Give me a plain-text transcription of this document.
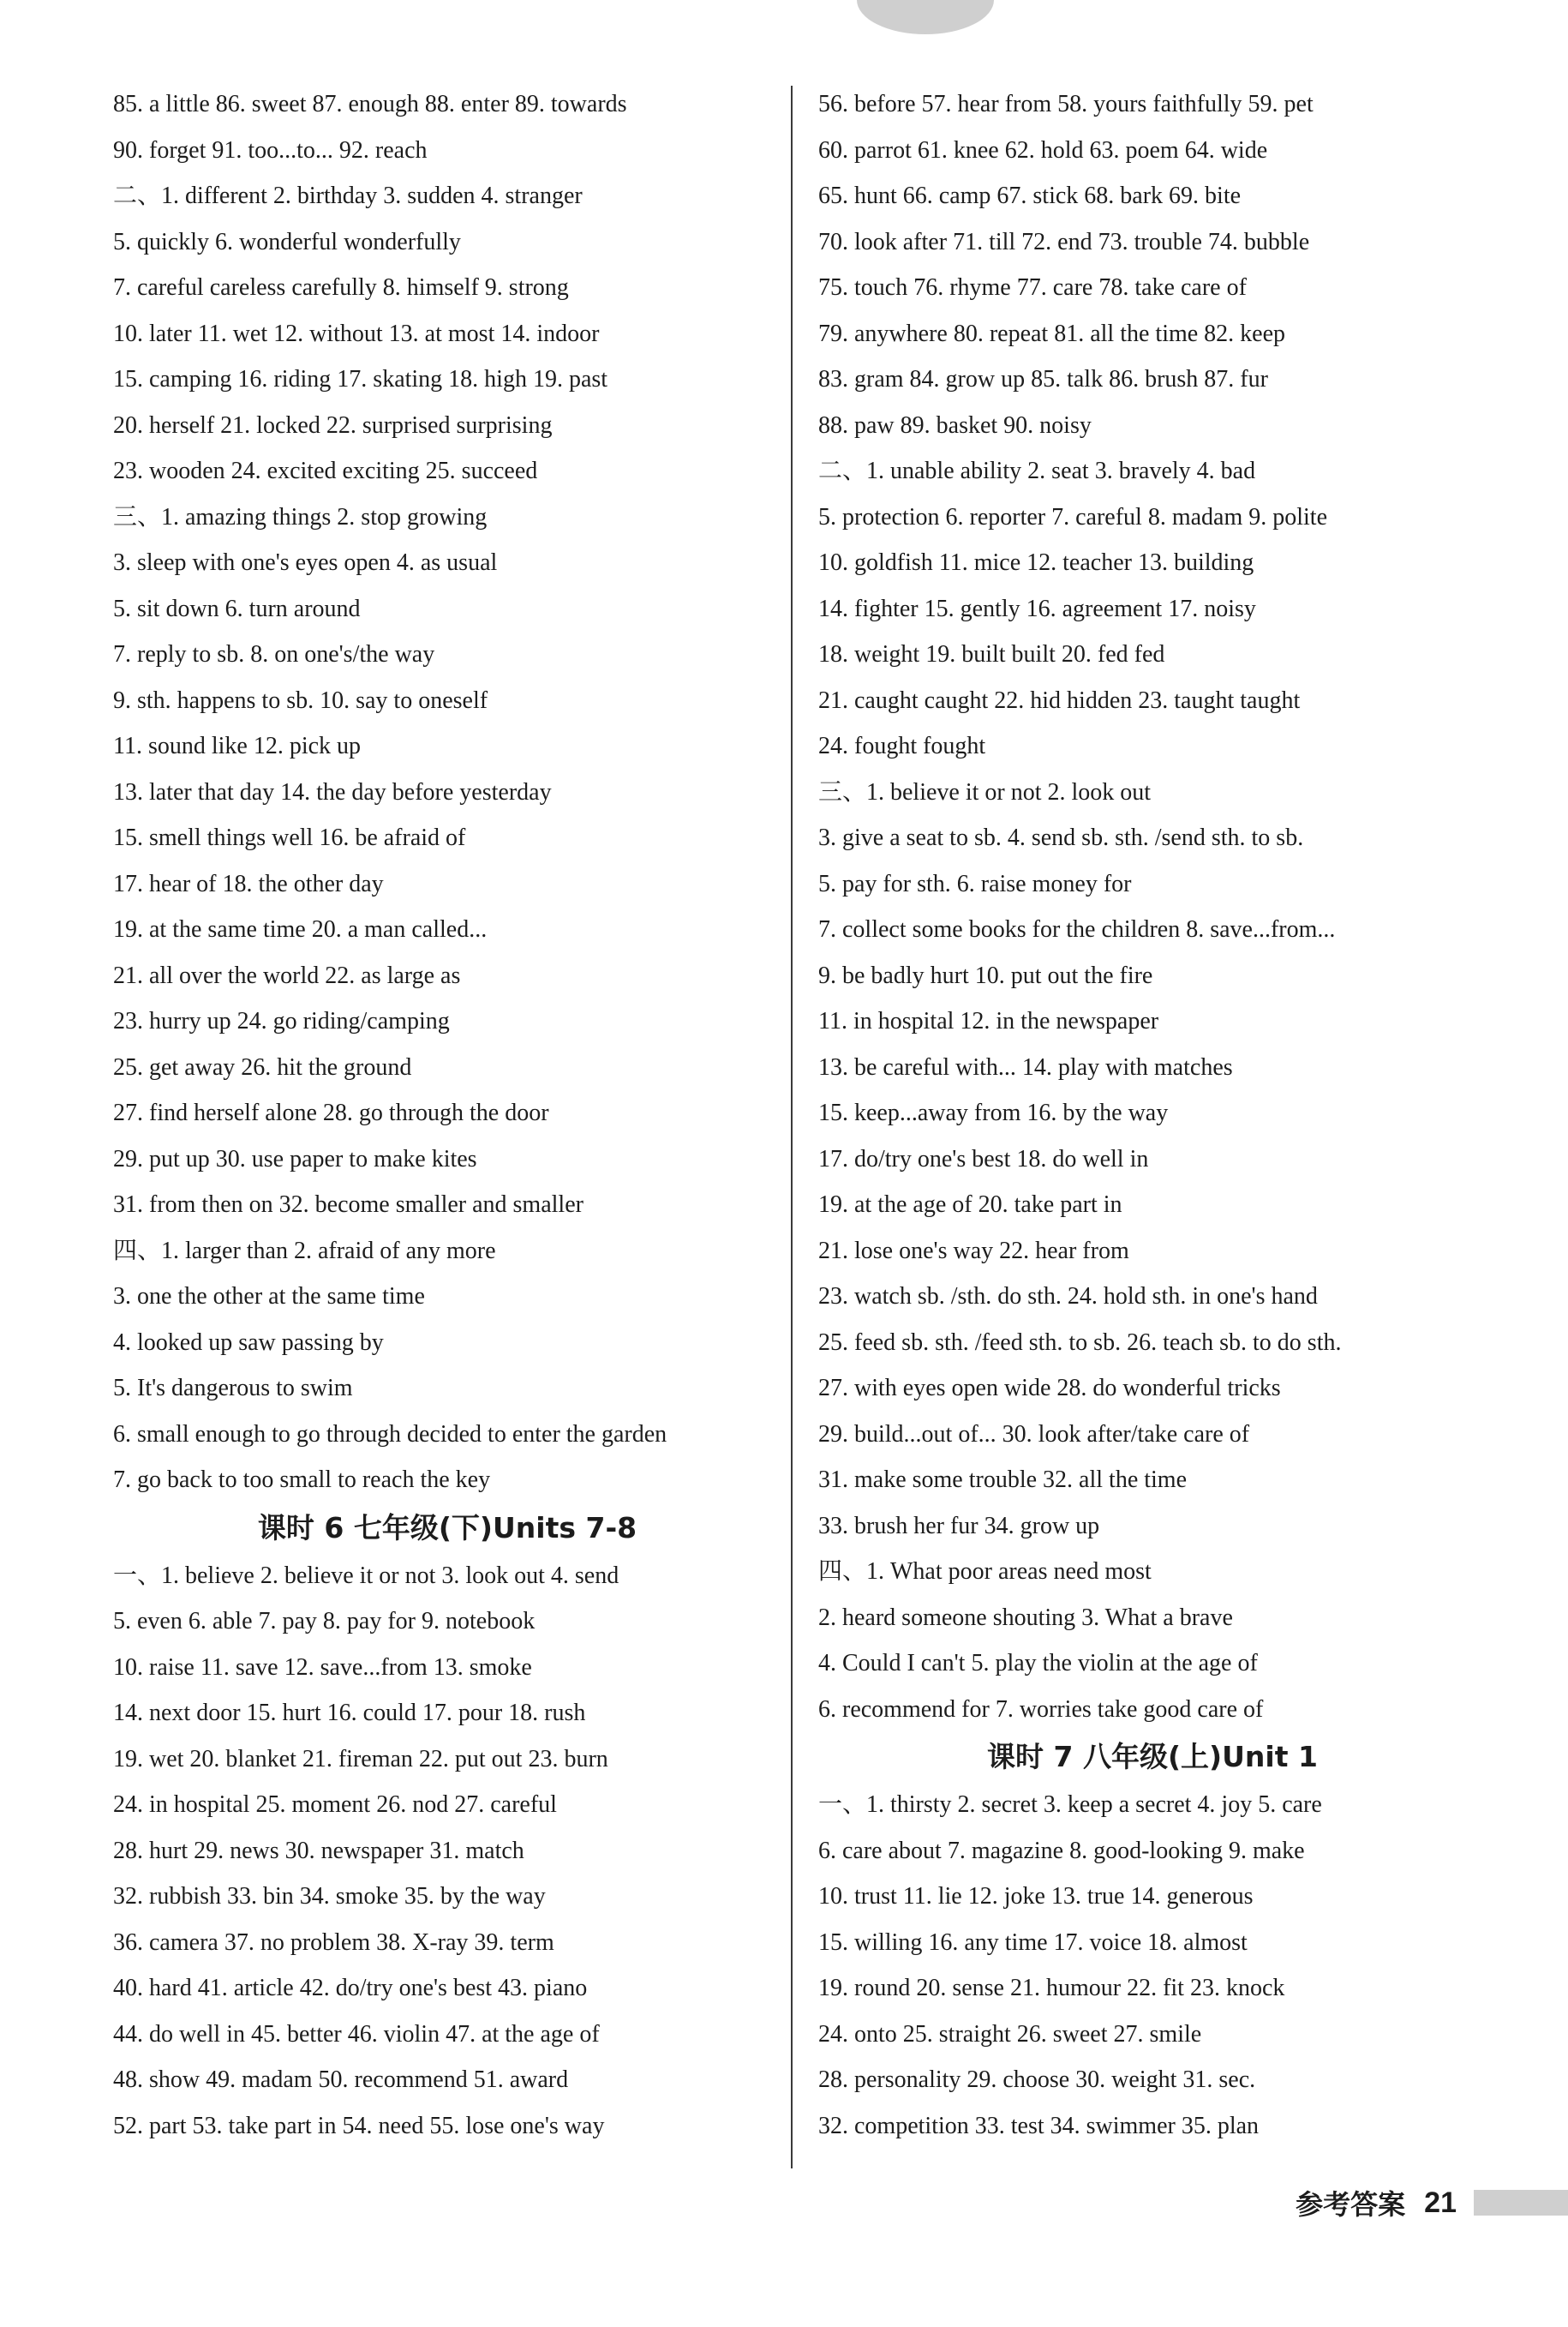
85. a little 86. sweet 87. enough 88. enter 89. towards
90. forget 91. too...to... 92. reach
二、1. different 2. birthday 3. sudden 4. stranger
5. quickly 6. wonderful wonderfully
7. careful careless carefully 8. himself 9. strong
10. later 11. wet 12. without 13. at most 14. indoor
15. camping 16. riding 17. skating 18. high 19. past
20. herself 21. locked 22. surprised surprising
23. wooden 24. excited exciting 25. succeed
三、1. amazing things 2. stop growing
3. sleep with one's eyes open 4. as usual
5. sit down 6. turn around
7. reply to sb. 8. on one's/the way
9. sth. happens to sb. 10. say to oneself
11. sound like 12. pick up
13. later that day 14. the day before yesterday
15. smell things well 16. be afraid of
17. hear of 18. the other day
19. at the same time 20. a man called...
21. all over the world 22. as large as
23. hurry up 24. go riding/camping
25. get away 26. hit the ground
27. find herself alone 28. go through the door
29. put up 30. use paper to make kites
31. from then on 32. become smaller and smaller
四、1. larger than 2. afraid of any more
3. one the other at the same time
4. looked up saw passing by
5. It's dangerous to swim
6. small enough to go through decided to enter the garden
7. go back to too small to reach the key
课时 6 七年级(下)Units 7-8
一、1. believe 2. believe it or not 3. look out 4. send
5. even 6. able 7. pay 8. pay for 9. notebook
10. raise 11. save 12. save...from 13. smoke
14. next door 15. hurt 16. could 17. pour 18. rush
19. wet 20. blanket 21. fireman 22. put out 23. burn
24. in hospital 25. moment 26. nod 27. careful
28. hurt 29. news 30. newspaper 31. match
32. rubbish 33. bin 34. smoke 35. by the way
36. camera 37. no problem 38. X-ray 39. term
40. hard 41. article 42. do/try one's best 43. piano
44. do well in 45. better 46. violin 47. at the age of
48. show 49. madam 50. recommend 51. award
52. part 53. take part in 54. need 55. lose one's way
56. before 57. hear from 58. yours faithfully 59. pet
60. parrot 61. knee 62. hold 63. poem 64. wide
65. hunt 66. camp 67. stick 68. bark 69. bite
70. look after 71. till 72. end 73. trouble 74. bubble
75. touch 76. rhyme 77. care 78. take care of
79. anywhere 80. repeat 81. all the time 82. keep
83. gram 84. grow up 85. talk 86. brush 87. fur
88. paw 89. basket 90. noisy
二、1. unable ability 2. seat 3. bravely 4. bad
5. protection 6. reporter 7. careful 8. madam 9. polite
10. goldfish 11. mice 12. teacher 13. building
14. fighter 15. gently 16. agreement 17. noisy
18. weight 19. built built 20. fed fed
21. caught caught 22. hid hidden 23. taught taught
24. fought fought
三、1. believe it or not 2. look out
3. give a seat to sb. 4. send sb. sth. /send sth. to sb.
5. pay for sth. 6. raise money for
7. collect some books for the children 8. save...from...
9. be badly hurt 10. put out the fire
11. in hospital 12. in the newspaper
13. be careful with... 14. play with matches
15. keep...away from 16. by the way
17. do/try one's best 18. do well in
19. at the age of 20. take part in
21. lose one's way 22. hear from
23. watch sb. /sth. do sth. 24. hold sth. in one's hand
25. feed sb. sth. /feed sth. to sb. 26. teach sb. to do sth.
27. with eyes open wide 28. do wonderful tricks
29. build...out of... 30. look after/take care of
31. make some trouble 32. all the time
33. brush her fur 34. grow up
四、1. What poor areas need most
2. heard someone shouting 3. What a brave
4. Could I can't 5. play the violin at the age of
6. recommend for 7. worries take good care of
课时 7 八年级(上)Unit 1
一、1. thirsty 2. secret 3. keep a secret 4. joy 5. care
6. care about 7. magazine 8. good-looking 9. make
10. trust 11. lie 12. joke 13. true 14. generous
15. willing 16. any time 17. voice 18. almost
19. round 20. sense 21. humour 22. fit 23. knock
24. onto 25. straight 26. sweet 27. smile
28. personality 29. choose 30. weight 31. sec.
32. competition 33. test 34. swimmer 35. plan
参考答案 21
